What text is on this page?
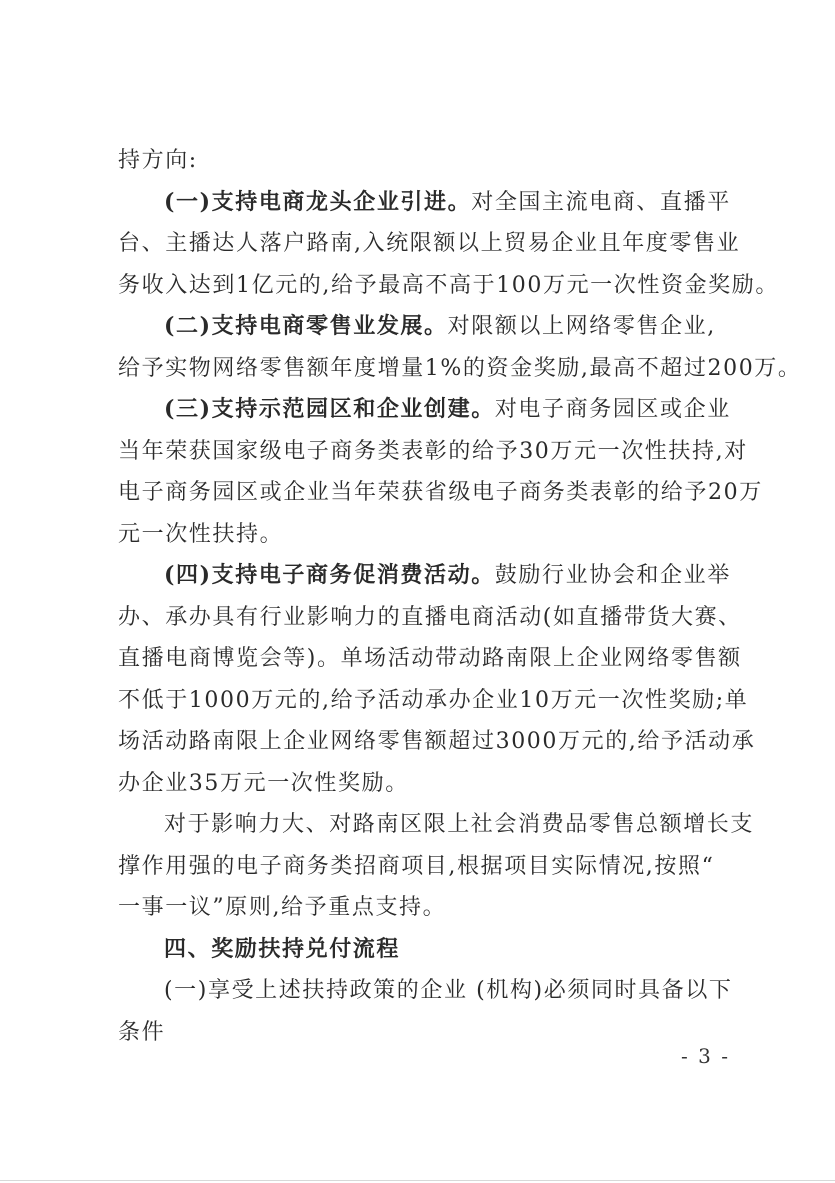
持方向:
(一)支持电商龙头企业引进。对全国主流电商、直播平
台、主播达人落户路南,入统限额以上贸易企业且年度零售业
务收入达到1亿元的,给予最高不高于100万元一次性资金奖励。
(二)支持电商零售业发展。对限额以上网络零售企业,
给予实物网络零售额年度增量1%的资金奖励,最高不超过200万。
(三)支持示范园区和企业创建。对电子商务园区或企业
当年荣获国家级电子商务类表彰的给予30万元一次性扶持,对
电子商务园区或企业当年荣获省级电子商务类表彰的给予20万
元一次性扶持。
(四)支持电子商务促消费活动。鼓励行业协会和企业举
办、承办具有行业影响力的直播电商活动(如直播带货大赛、
直播电商博览会等)。单场活动带动路南限上企业网络零售额
不低于1000万元的,给予活动承办企业10万元一次性奖励;单
场活动路南限上企业网络零售额超过3000万元的,给予活动承
办企业35万元一次性奖励。
对于影响力大、对路南区限上社会消费品零售总额增长支
撑作用强的电子商务类招商项目,根据项目实际情况,按照“
一事一议”原则,给予重点支持。
四、奖励扶持兑付流程
(一)享受上述扶持政策的企业 (机构)必须同时具备以下
条件
- 3 -
